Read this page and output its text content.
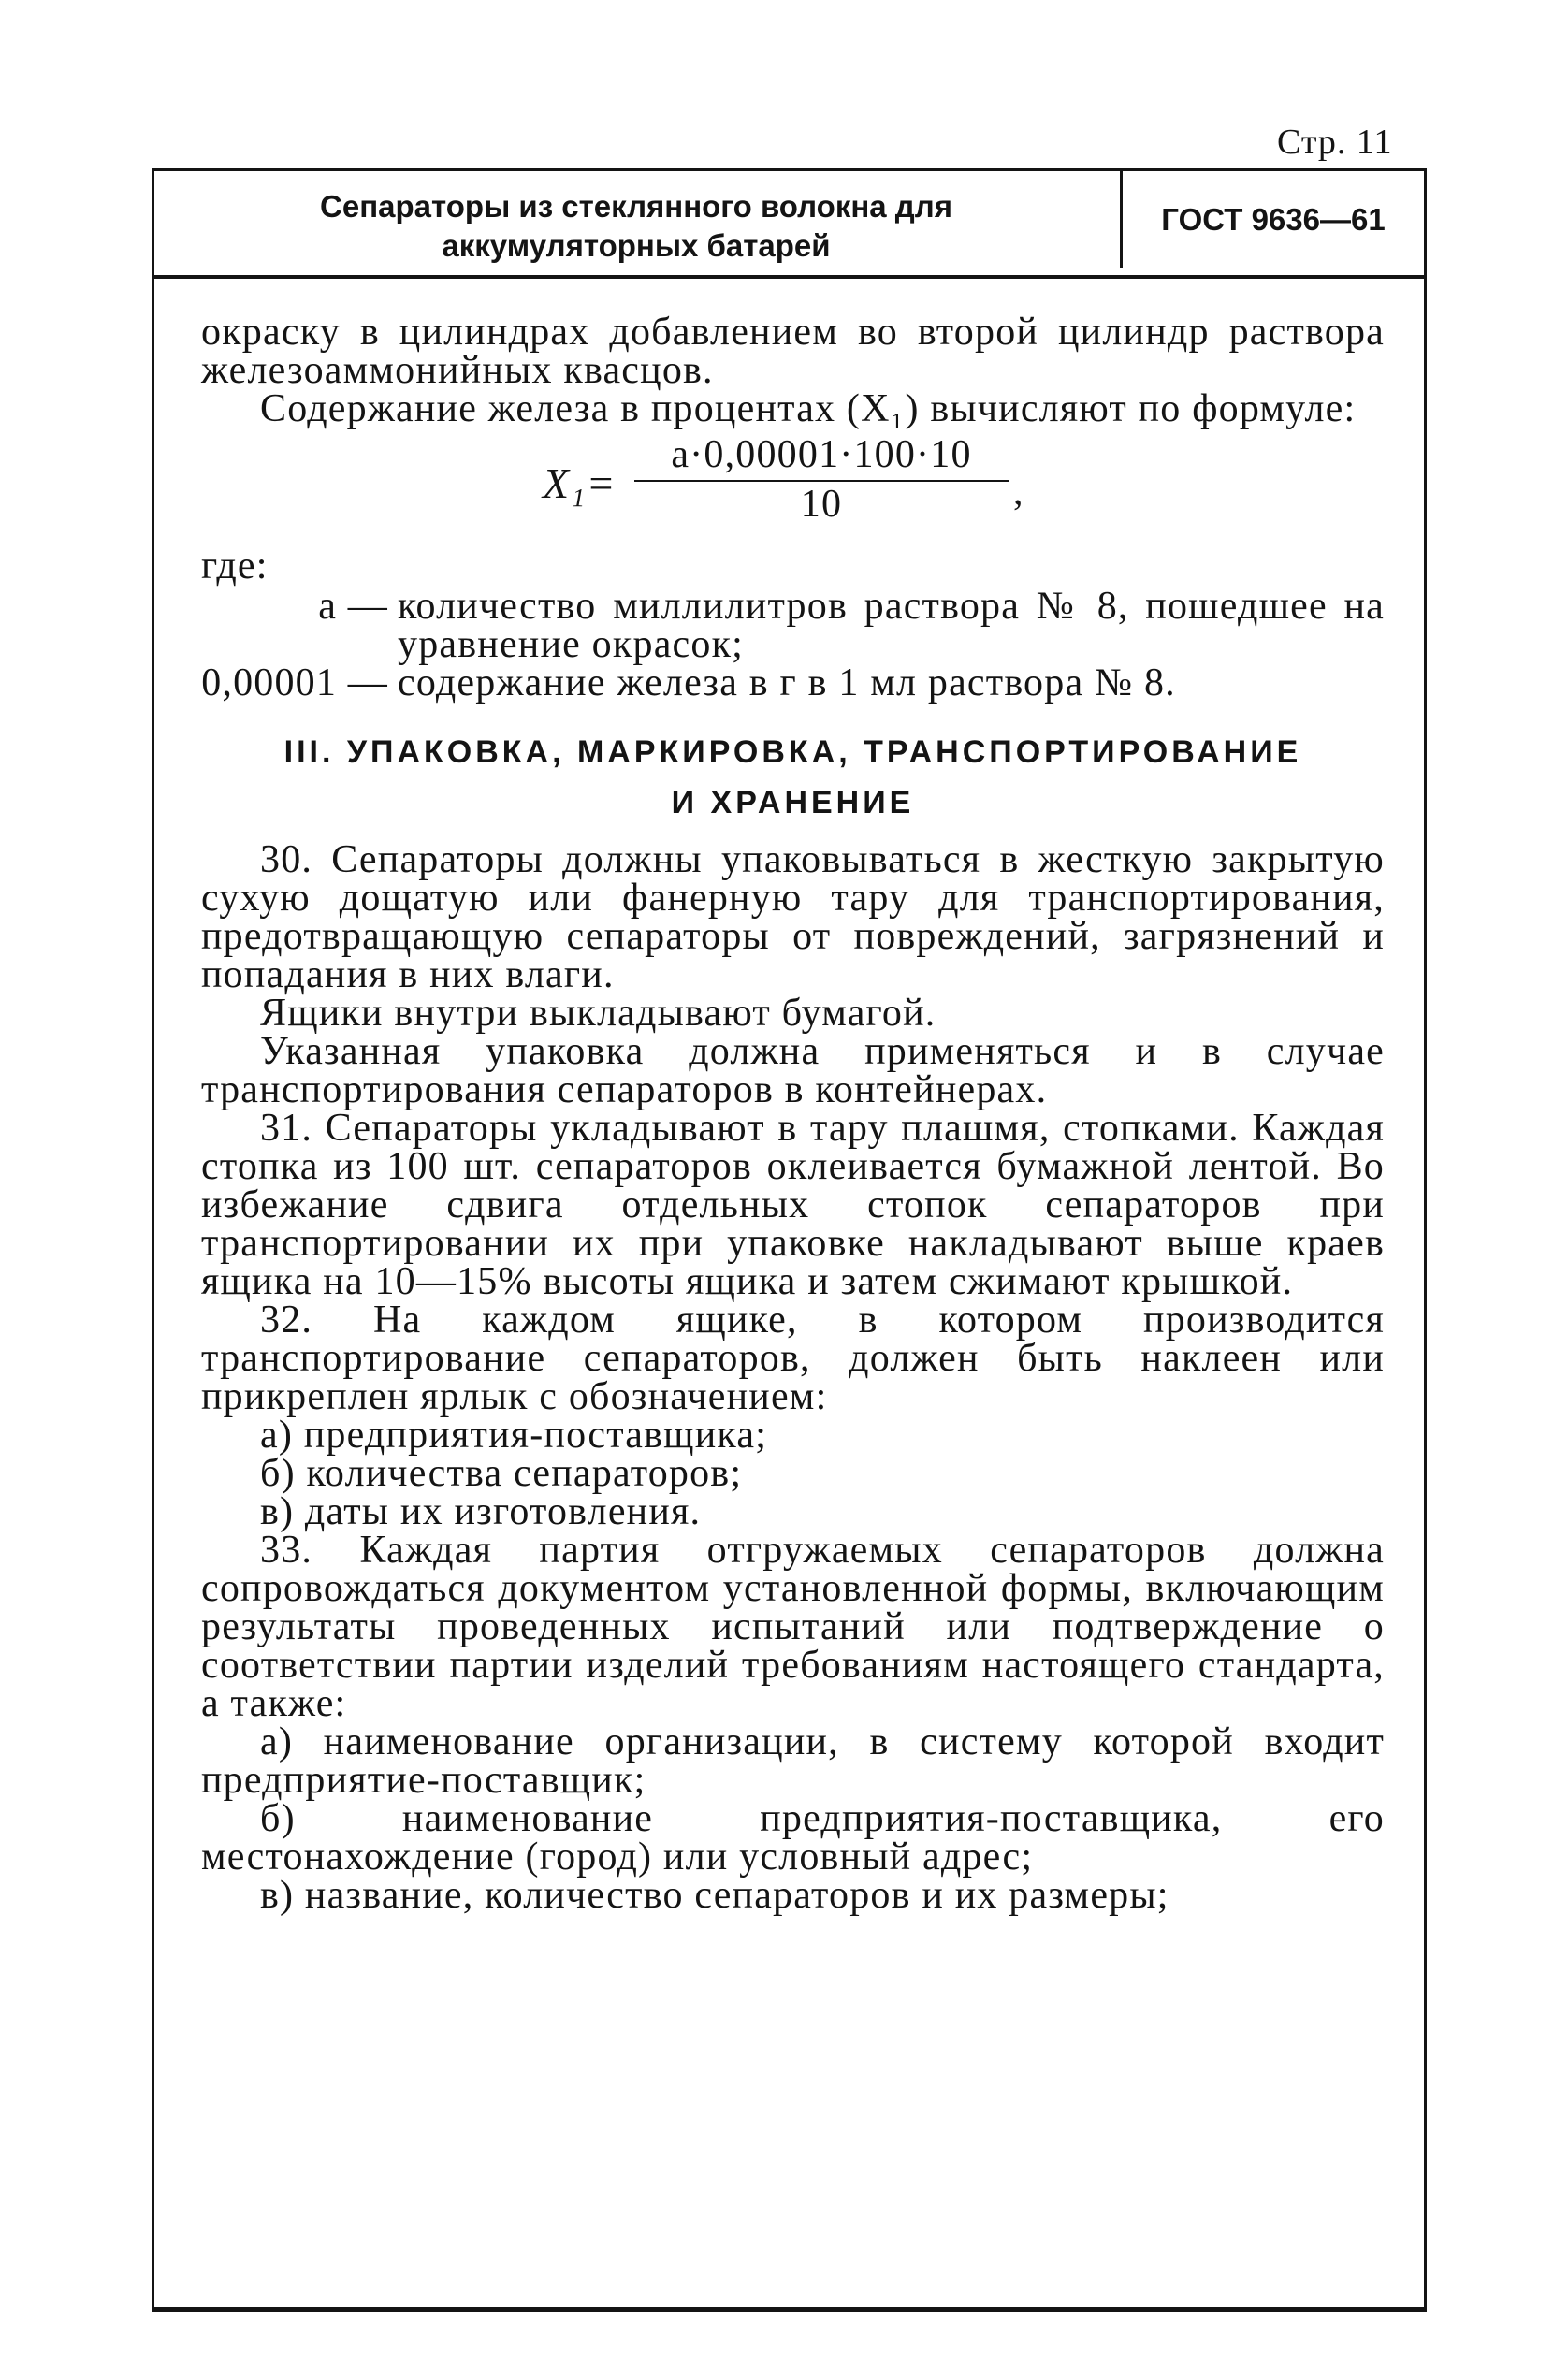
Стр. 11
Сепараторы из стеклянного волокна для
аккумуляторных батарей
ГОСТ 9636—61

окраску в цилиндрах добавлением во второй цилиндр раствора железоаммонийных квасцов.

Содержание железа в процентах (X₁) вычисляют по формуле:

$X_1= \frac{a\cdot 0,00001\cdot 100\cdot 10}{10}$ ,

где:

a — количество миллилитров раствора № 8, пошедшее на уравнение окрасок;
0,00001 — содержание железа в г в 1 мл раствора № 8.
III. УПАКОВКА, МАРКИРОВКА, ТРАНСПОРТИРОВАНИЕ
И ХРАНЕНИЕ

30. Сепараторы должны упаковываться в жесткую закрытую сухую дощатую или фанерную тару для транспортирования, предотвращающую сепараторы от повреждений, загрязнений и попадания в них влаги.

Ящики внутри выкладывают бумагой.

Указанная упаковка должна применяться и в случае транспортирования сепараторов в контейнерах.

31. Сепараторы укладывают в тару плашмя, стопками. Каждая стопка из 100 шт. сепараторов оклеивается бумажной лентой. Во избежание сдвига отдельных стопок сепараторов при транспортировании их при упаковке накладывают выше краев ящика на 10—15% высоты ящика и затем сжимают крышкой.

32. На каждом ящике, в котором производится транспортирование сепараторов, должен быть наклеен или прикреплен ярлык с обозначением:

а) предприятия-поставщика;

б) количества сепараторов;

в) даты их изготовления.

33. Каждая партия отгружаемых сепараторов должна сопровождаться документом установленной формы, включающим результаты проведенных испытаний или подтверждение о соответствии партии изделий требованиям настоящего стандарта, а также:

а) наименование организации, в систему которой входит предприятие-поставщик;

б) наименование предприятия-поставщика, его местонахождение (город) или условный адрес;

в) название, количество сепараторов и их размеры;
